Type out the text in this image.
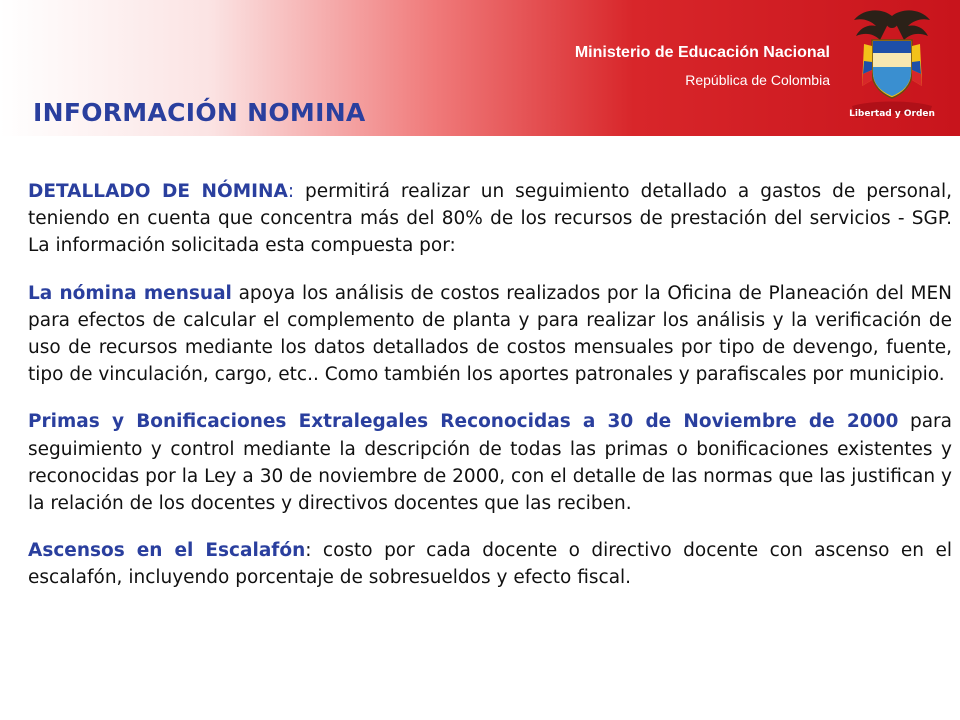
Ministerio de Educación Nacional
República de Colombia
Libertad y Orden
INFORMACIÓN NOMINA

DETALLADO DE NÓMINA: permitirá realizar un seguimiento detallado a gastos de personal, teniendo en cuenta que concentra más del 80% de los recursos de prestación del servicios - SGP. La información solicitada esta compuesta por:

La nómina mensual apoya los análisis de costos realizados por la Oficina de Planeación del MEN para efectos de calcular el complemento de planta y para realizar los análisis y la verificación de uso de recursos mediante los datos detallados de costos mensuales por tipo de devengo, fuente, tipo de vinculación, cargo, etc.. Como también los aportes patronales y parafiscales por municipio.

Primas y Bonificaciones Extralegales Reconocidas a 30 de Noviembre de 2000 para seguimiento y control mediante la descripción de todas las primas o bonificaciones existentes y reconocidas por la Ley a 30 de noviembre de 2000, con el detalle de las normas que las justifican y la relación de los docentes y directivos docentes que las reciben.

Ascensos en el Escalafón: costo por cada docente o directivo docente con ascenso en el escalafón, incluyendo porcentaje de sobresueldos y efecto fiscal.
